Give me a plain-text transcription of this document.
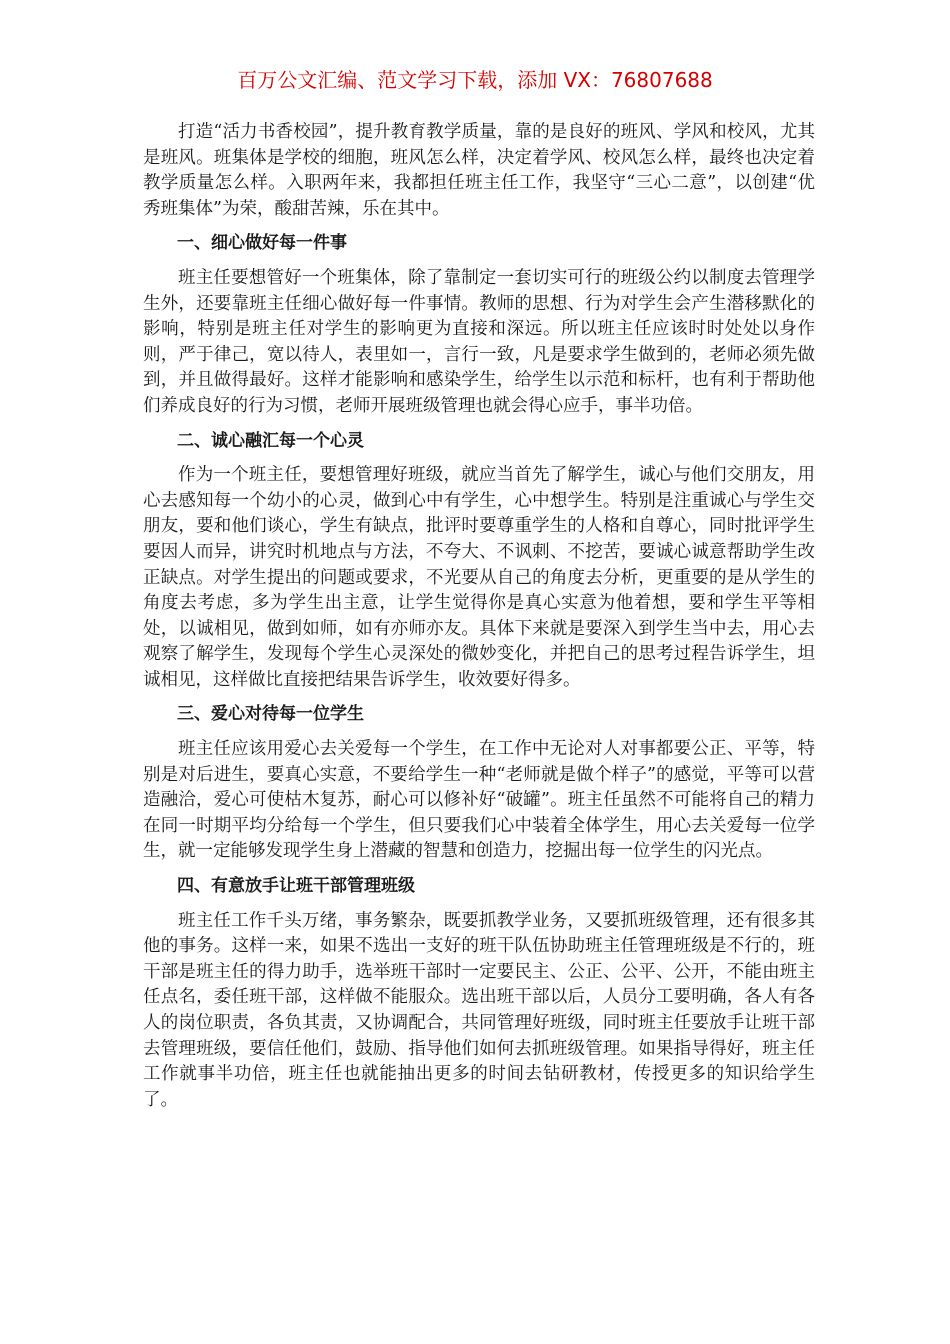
百万公文汇编、范文学习下载，添加 VX：76807688

打造“活力书香校园”，提升教育教学质量，靠的是良好的班风、学风和校风，尤其是班风。班集体是学校的细胞，班风怎么样，决定着学风、校风怎么样，最终也决定着教学质量怎么样。入职两年来，我都担任班主任工作，我坚守“三心二意”，以创建“优秀班集体”为荣，酸甜苦辣，乐在其中。

一、细心做好每一件事

班主任要想管好一个班集体，除了靠制定一套切实可行的班级公约以制度去管理学生外，还要靠班主任细心做好每一件事情。教师的思想、行为对学生会产生潜移默化的影响，特别是班主任对学生的影响更为直接和深远。所以班主任应该时时处处以身作则，严于律己，宽以待人，表里如一，言行一致，凡是要求学生做到的，老师必须先做到，并且做得最好。这样才能影响和感染学生，给学生以示范和标杆，也有利于帮助他们养成良好的行为习惯，老师开展班级管理也就会得心应手，事半功倍。

二、诚心融汇每一个心灵

作为一个班主任，要想管理好班级，就应当首先了解学生，诚心与他们交朋友，用心去感知每一个幼小的心灵，做到心中有学生，心中想学生。特别是注重诚心与学生交朋友，要和他们谈心，学生有缺点，批评时要尊重学生的人格和自尊心，同时批评学生要因人而异，讲究时机地点与方法，不夸大、不讽刺、不挖苦，要诚心诚意帮助学生改正缺点。对学生提出的问题或要求，不光要从自己的角度去分析，更重要的是从学生的角度去考虑，多为学生出主意，让学生觉得你是真心实意为他着想，要和学生平等相处，以诚相见，做到如师，如有亦师亦友。具体下来就是要深入到学生当中去，用心去观察了解学生，发现每个学生心灵深处的微妙变化，并把自己的思考过程告诉学生，坦诚相见，这样做比直接把结果告诉学生，收效要好得多。

三、爱心对待每一位学生

班主任应该用爱心去关爱每一个学生，在工作中无论对人对事都要公正、平等，特别是对后进生，要真心实意，不要给学生一种“老师就是做个样子”的感觉，平等可以营造融洽，爱心可使枯木复苏，耐心可以修补好“破罐”。班主任虽然不可能将自己的精力在同一时期平均分给每一个学生，但只要我们心中装着全体学生，用心去关爱每一位学生，就一定能够发现学生身上潜藏的智慧和创造力，挖掘出每一位学生的闪光点。

四、有意放手让班干部管理班级

班主任工作千头万绪，事务繁杂，既要抓教学业务，又要抓班级管理，还有很多其他的事务。这样一来，如果不选出一支好的班干队伍协助班主任管理班级是不行的，班干部是班主任的得力助手，选举班干部时一定要民主、公正、公平、公开，不能由班主任点名，委任班干部，这样做不能服众。选出班干部以后，人员分工要明确，各人有各人的岗位职责，各负其责，又协调配合，共同管理好班级，同时班主任要放手让班干部去管理班级，要信任他们，鼓励、指导他们如何去抓班级管理。如果指导得好，班主任工作就事半功倍，班主任也就能抽出更多的时间去钻研教材，传授更多的知识给学生了。
